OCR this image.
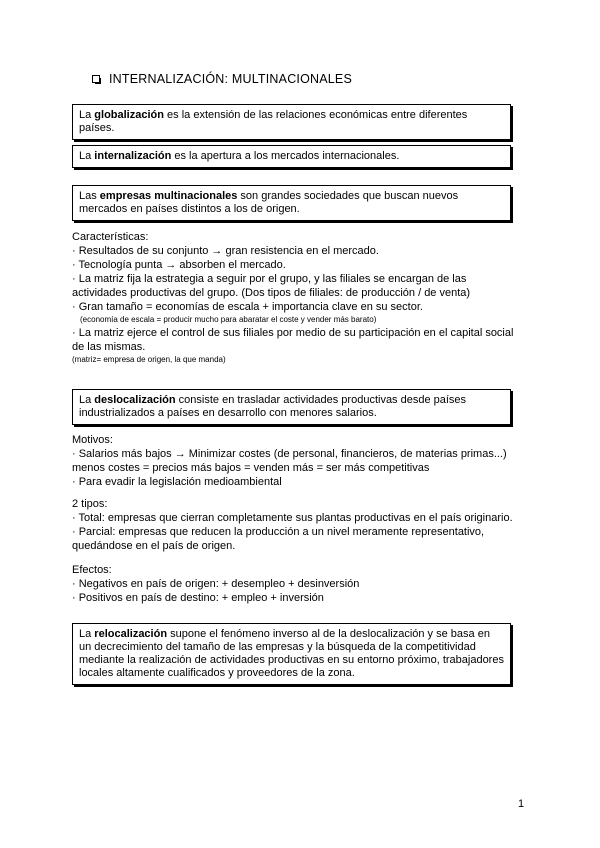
INTERNALIZACIÓN: MULTINACIONALES
La globalización es la extensión de las relaciones económicas entre diferentes países.
La internalización es la apertura a los mercados internacionales.
Las empresas multinacionales son grandes sociedades que buscan nuevos mercados en países distintos a los de origen.

Características:

· Resultados de su conjunto → gran resistencia en el mercado.

· Tecnología punta → absorben el mercado.

· La matriz fija la estrategia a seguir por el grupo, y las filiales se encargan de las actividades productivas del grupo. (Dos tipos de filiales: de producción / de venta)

· Gran tamaño = economías de escala + importancia clave en su sector.

(economía de escala = producir mucho para abaratar el coste y vender más barato)

· La matriz ejerce el control de sus filiales por medio de su participación en el capital social de las mismas.

(matriz= empresa de origen, la que manda)

La deslocalización consiste en trasladar actividades productivas desde países industrializados a países en desarrollo con menores salarios.

Motivos:

· Salarios más bajos → Minimizar costes (de personal, financieros, de materias primas...)

menos costes = precios más bajos = venden más = ser más competitivas

· Para evadir la legislación medioambiental

2 tipos:

· Total: empresas que cierran completamente sus plantas productivas en el país originario.

· Parcial: empresas que reducen la producción a un nivel meramente representativo, quedándose en el país de origen.

Efectos:

· Negativos en país de origen: + desempleo + desinversión

· Positivos en país de destino: + empleo + inversión

La relocalización supone el fenómeno inverso al de la deslocalización y se basa en un decrecimiento del tamaño de las empresas y la búsqueda de la competitividad mediante la realización de actividades productivas en su entorno próximo, trabajadores locales altamente cualificados y proveedores de la zona.
1
